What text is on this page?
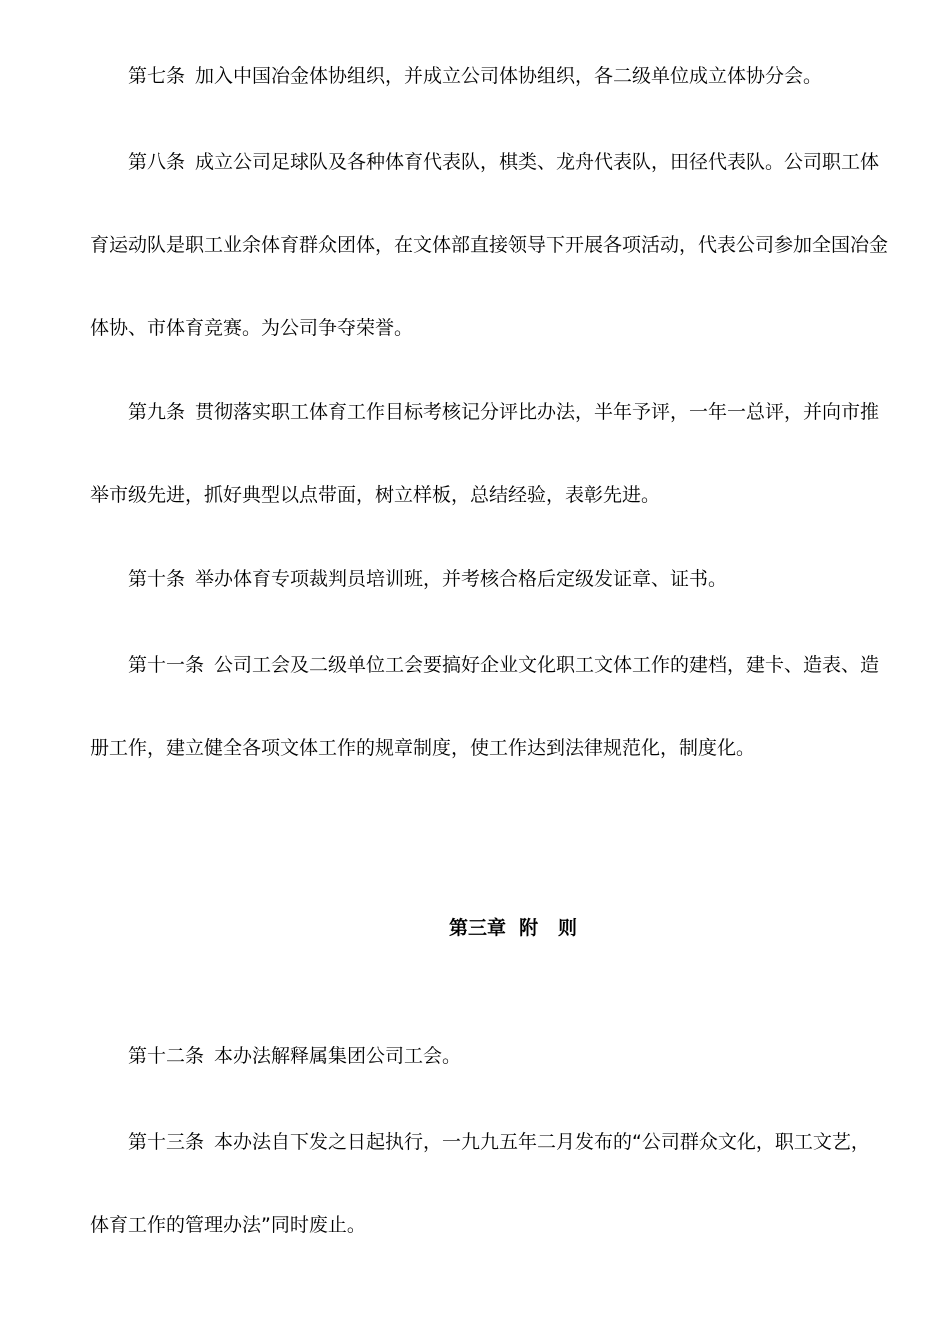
第七条 加入中国冶金体协组织，并成立公司体协组织，各二级单位成立体协分会。
第八条 成立公司足球队及各种体育代表队，棋类、龙舟代表队，田径代表队。公司职工体
育运动队是职工业余体育群众团体，在文体部直接领导下开展各项活动，代表公司参加全国冶金
体协、市体育竞赛。为公司争夺荣誉。
第九条 贯彻落实职工体育工作目标考核记分评比办法，半年予评，一年一总评，并向市推
举市级先进，抓好典型以点带面，树立样板，总结经验，表彰先进。
第十条 举办体育专项裁判员培训班，并考核合格后定级发证章、证书。
第十一条 公司工会及二级单位工会要搞好企业文化职工文体工作的建档，建卡、造表、造
册工作，建立健全各项文体工作的规章制度，使工作达到法律规范化，制度化。
第三章  附   则
第十二条 本办法解释属集团公司工会。
第十三条 本办法自下发之日起执行，一九九五年二月发布的“公司群众文化，职工文艺，
体育工作的管理办法”同时废止。
